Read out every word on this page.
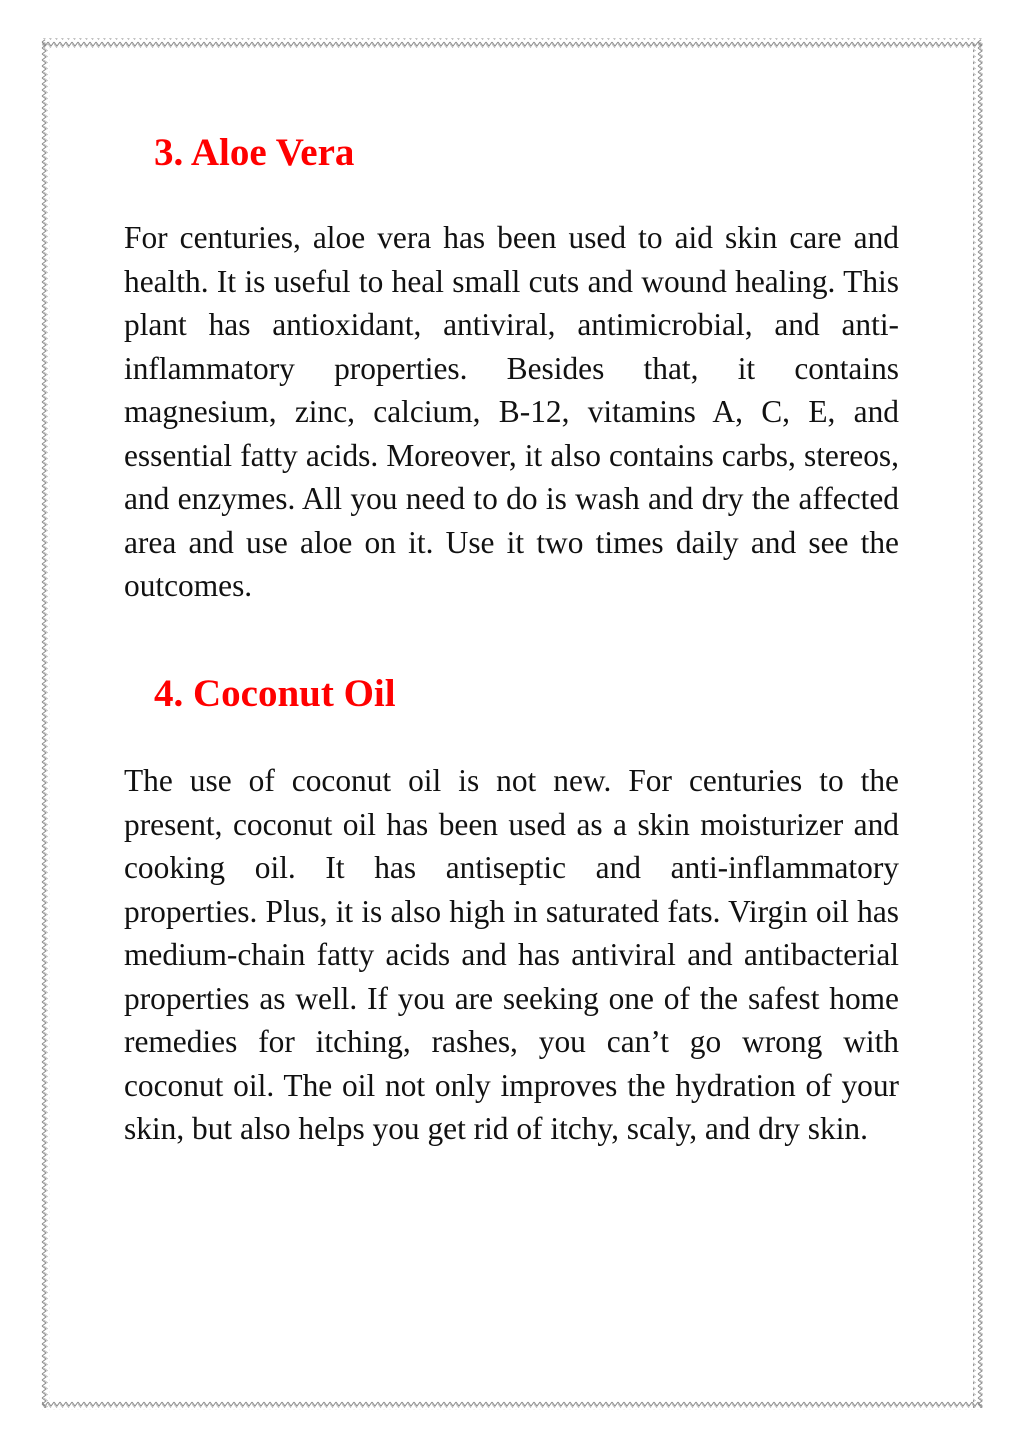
3. Aloe Vera

For centuries, aloe vera has been used to aid skin care and health. It is useful to heal small cuts and wound healing. This plant has antioxidant, antiviral, antimicrobial, and anti-inflammatory properties. Besides that, it contains magnesium, zinc, calcium, B-12, vitamins A, C, E, and essential fatty acids. Moreover, it also contains carbs, stereos, and enzymes. All you need to do is wash and dry the affected area and use aloe on it. Use it two times daily and see the outcomes.

4. Coconut Oil

The use of coconut oil is not new. For centuries to the present, coconut oil has been used as a skin moisturizer and cooking oil. It has antiseptic and anti-inflammatory properties. Plus, it is also high in saturated fats. Virgin oil has medium-chain fatty acids and has antiviral and antibacterial properties as well. If you are seeking one of the safest home remedies for itching, rashes, you can’t go wrong with coconut oil. The oil not only improves the hydration of your skin, but also helps you get rid of itchy, scaly, and dry skin.
